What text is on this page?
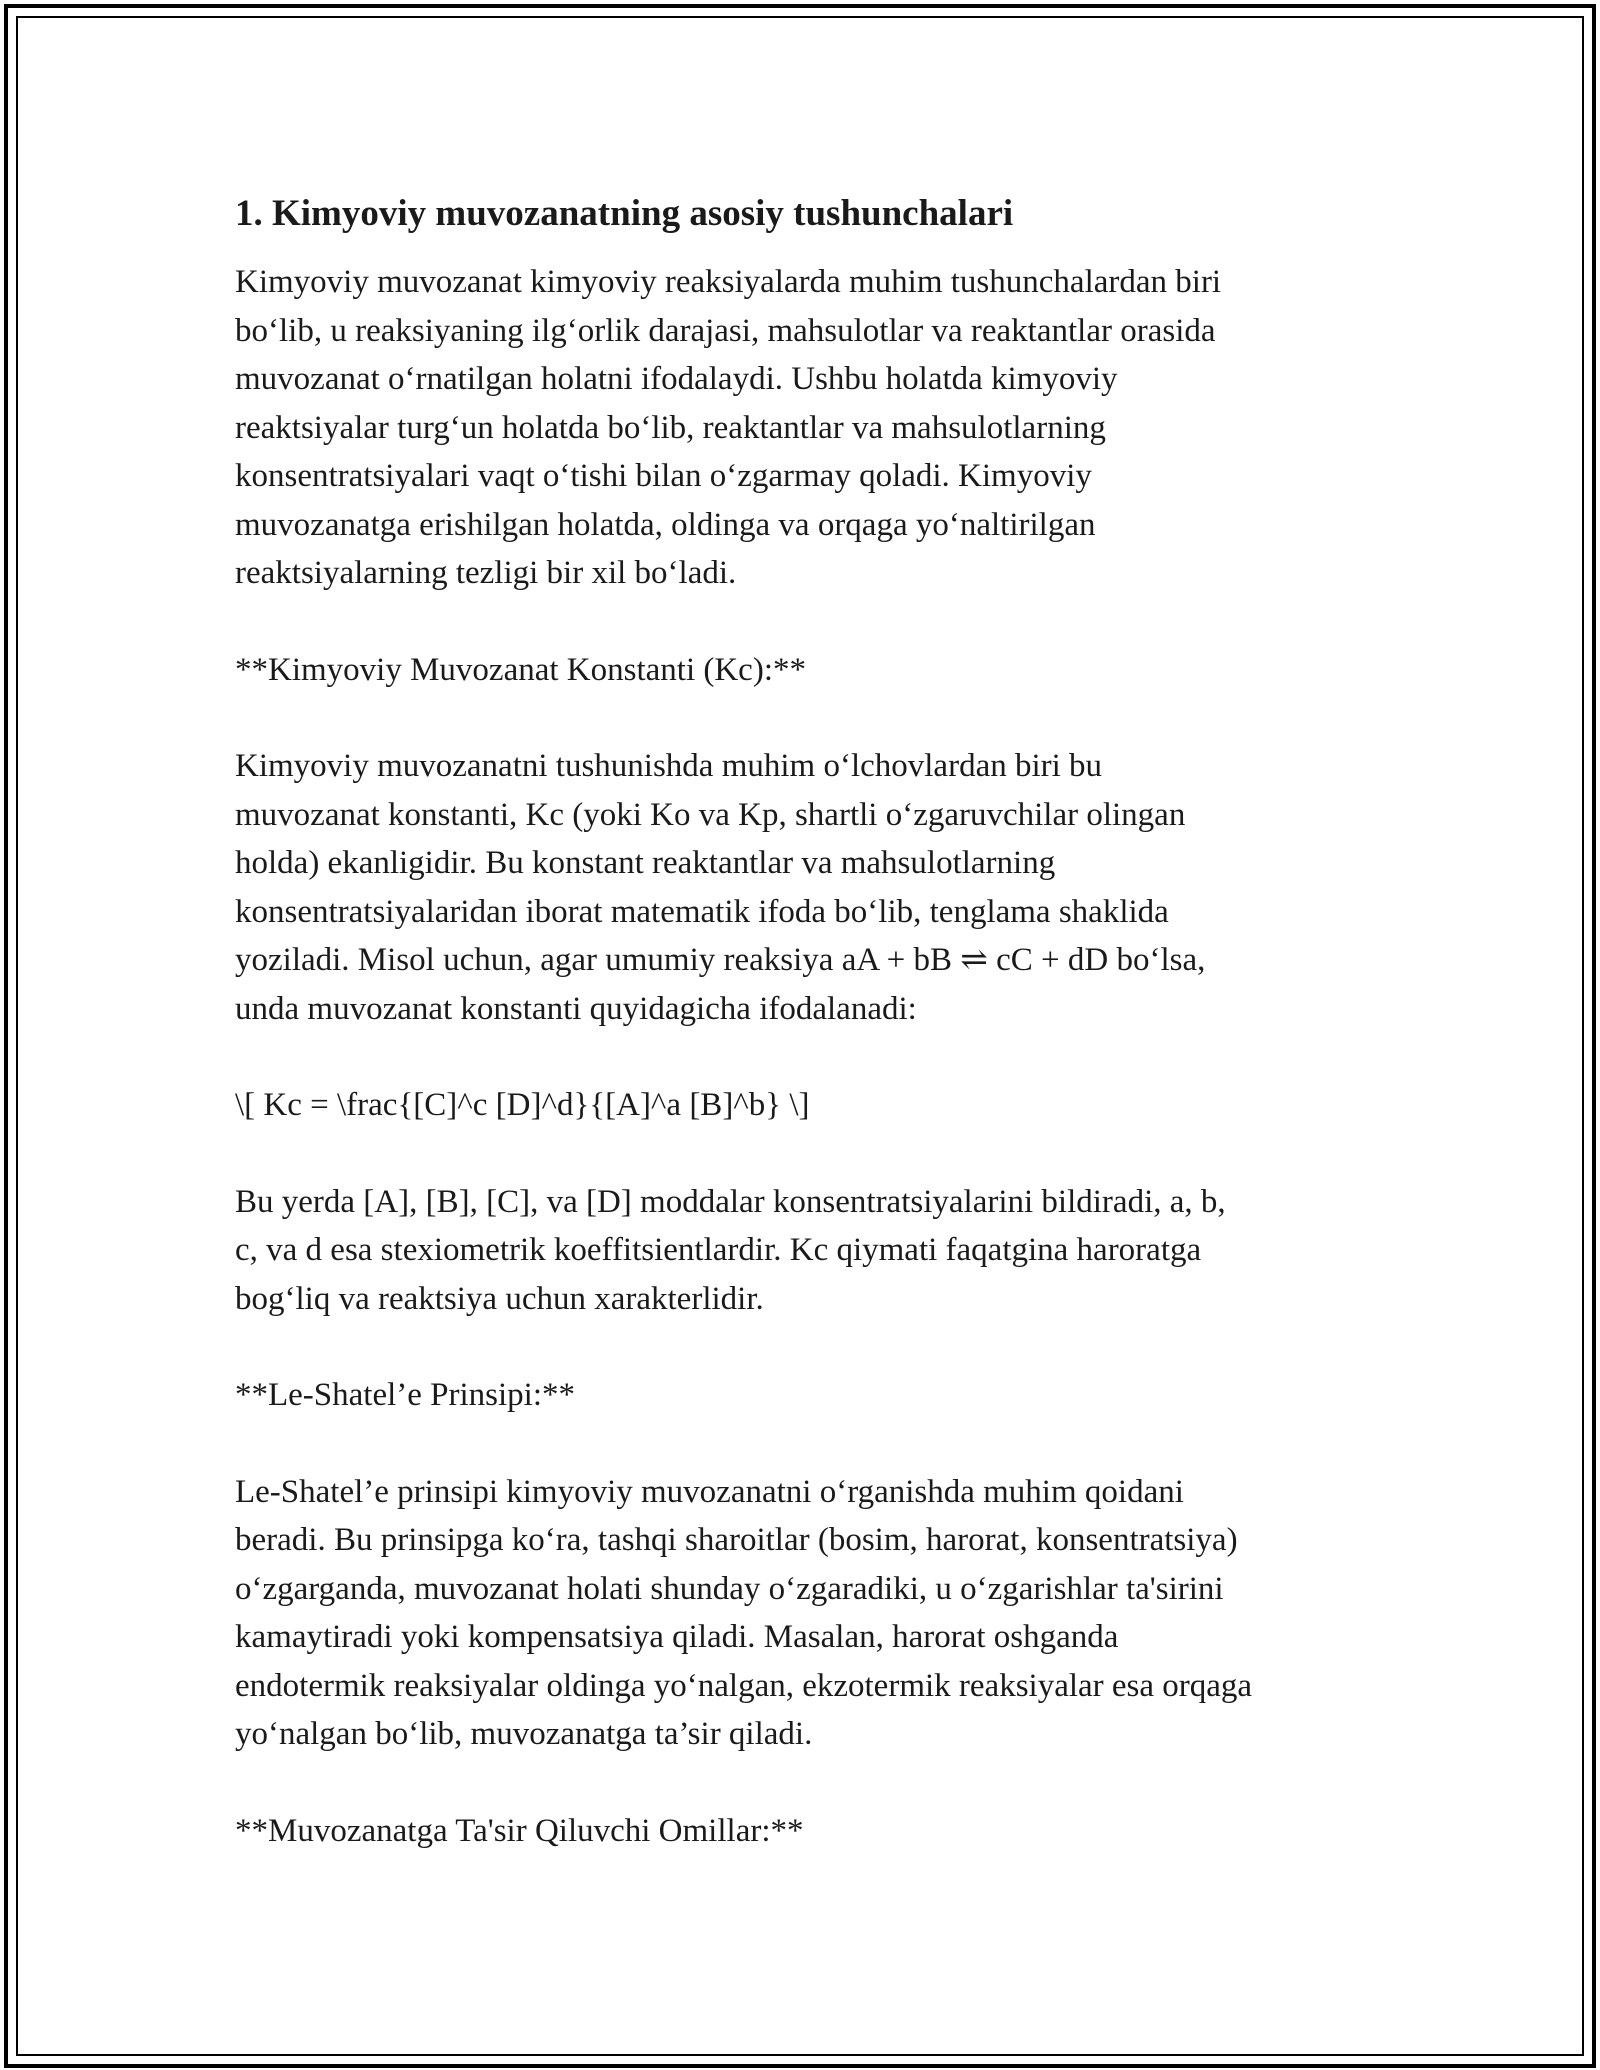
1. Kimyoviy muvozanatning asosiy tushunchalari

Kimyoviy muvozanat kimyoviy reaksiyalarda muhim tushunchalardan biri
bo‘lib, u reaksiyaning ilg‘orlik darajasi, mahsulotlar va reaktantlar orasida
muvozanat o‘rnatilgan holatni ifodalaydi. Ushbu holatda kimyoviy
reaktsiyalar turg‘un holatda bo‘lib, reaktantlar va mahsulotlarning
konsentratsiyalari vaqt o‘tishi bilan o‘zgarmay qoladi. Kimyoviy
muvozanatga erishilgan holatda, oldinga va orqaga yo‘naltirilgan
reaktsiyalarning tezligi bir xil bo‘ladi.

**Kimyoviy Muvozanat Konstanti (Kc):**

Kimyoviy muvozanatni tushunishda muhim o‘lchovlardan biri bu
muvozanat konstanti, Kc (yoki Ko va Kp, shartli o‘zgaruvchilar olingan
holda) ekanligidir. Bu konstant reaktantlar va mahsulotlarning
konsentratsiyalaridan iborat matematik ifoda bo‘lib, tenglama shaklida
yoziladi. Misol uchun, agar umumiy reaksiya aA + bB ⇌ cC + dD bo‘lsa,
unda muvozanat konstanti quyidagicha ifodalanadi:

\[ Kc = \frac{[C]^c [D]^d}{[A]^a [B]^b} \]

Bu yerda [A], [B], [C], va [D] moddalar konsentratsiyalarini bildiradi, a, b,
c, va d esa stexiometrik koeffitsientlardir. Kc qiymati faqatgina haroratga
bog‘liq va reaktsiya uchun xarakterlidir.

**Le-Shatel’e Prinsipi:**

Le-Shatel’e prinsipi kimyoviy muvozanatni o‘rganishda muhim qoidani
beradi. Bu prinsipga ko‘ra, tashqi sharoitlar (bosim, harorat, konsentratsiya)
o‘zgarganda, muvozanat holati shunday o‘zgaradiki, u o‘zgarishlar ta'sirini
kamaytiradi yoki kompensatsiya qiladi. Masalan, harorat oshganda
endotermik reaksiyalar oldinga yo‘nalgan, ekzotermik reaksiyalar esa orqaga
yo‘nalgan bo‘lib, muvozanatga ta’sir qiladi.

**Muvozanatga Ta'sir Qiluvchi Omillar:**
